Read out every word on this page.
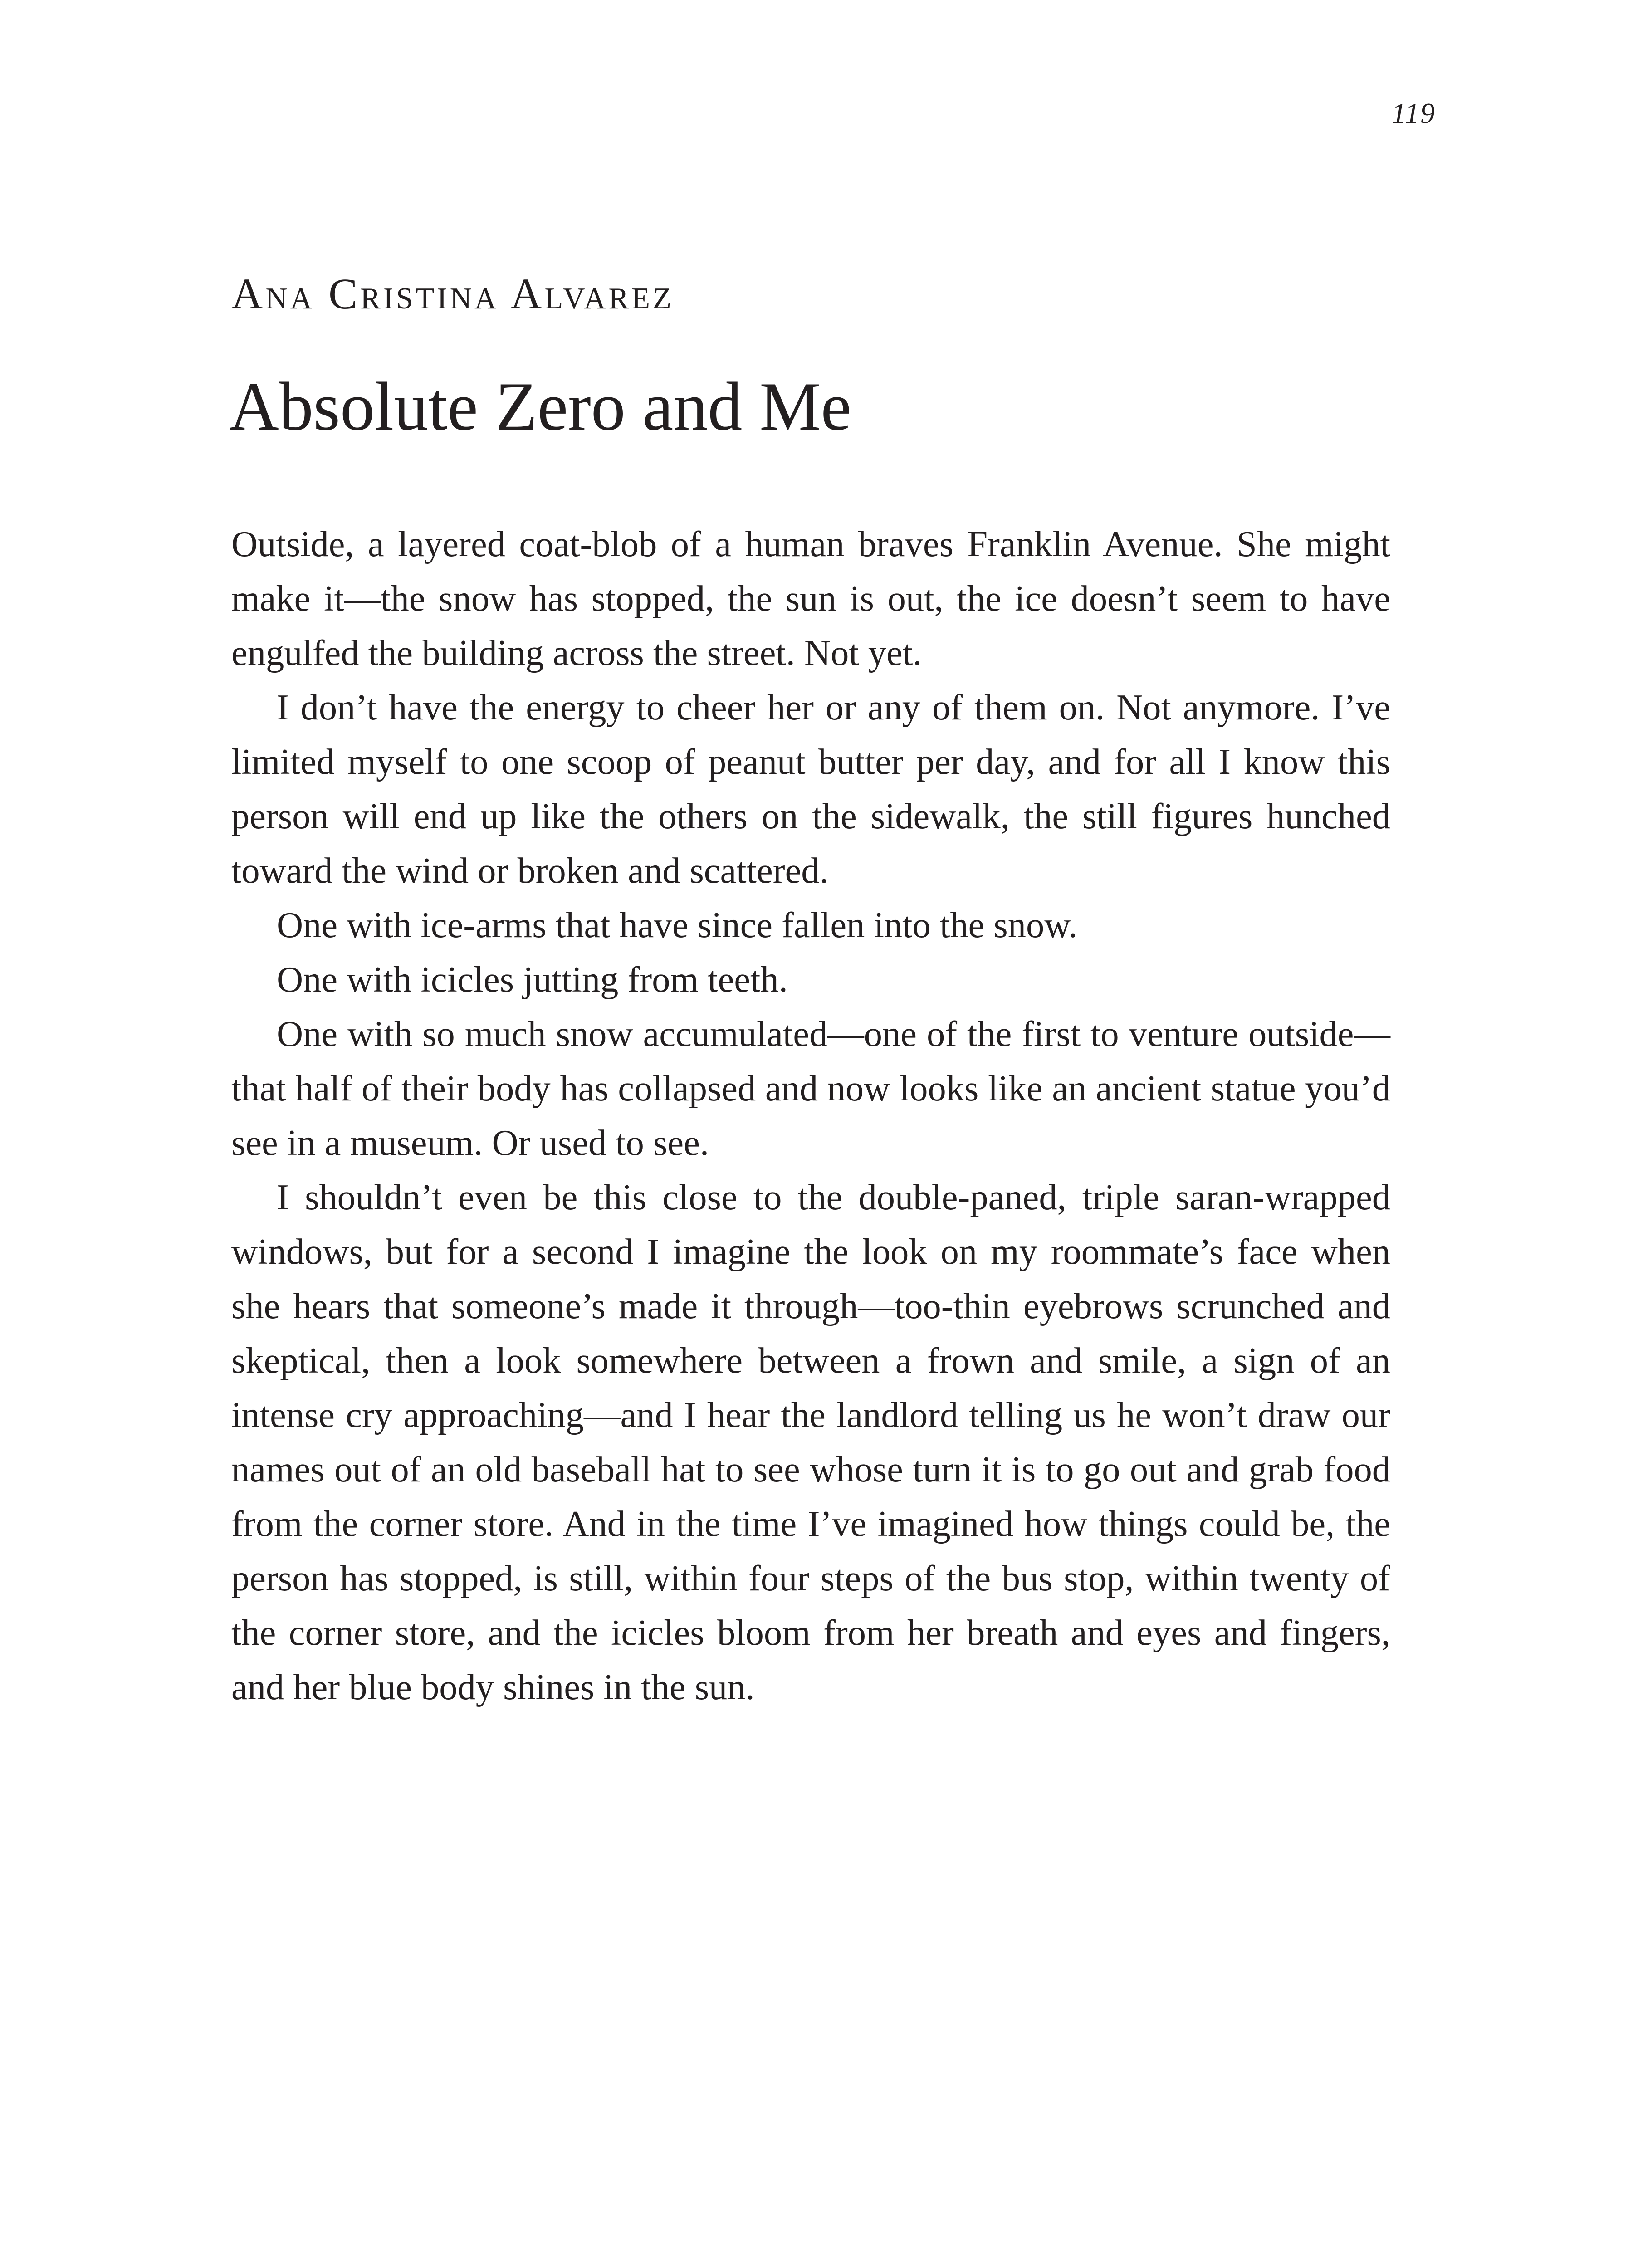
119
Ana Cristina Alvarez
Absolute Zero and Me

Outside, a layered coat-blob of a human braves Franklin Avenue. She might make it—the snow has stopped, the sun is out, the ice doesn’t seem to have engulfed the building across the street. Not yet.

I don’t have the energy to cheer her or any of them on. Not anymore. I’ve limited myself to one scoop of peanut butter per day, and for all I know this person will end up like the others on the sidewalk, the still figures hunched toward the wind or broken and scattered.

One with ice-arms that have since fallen into the snow.

One with icicles jutting from teeth.

One with so much snow accumulated—one of the first to venture outside—that half of their body has collapsed and now looks like an ancient statue you’d see in a museum. Or used to see.

I shouldn’t even be this close to the double-paned, triple saran-wrapped windows, but for a second I imagine the look on my roommate’s face when she hears that someone’s made it through—too-thin eyebrows scrunched and skeptical, then a look somewhere between a frown and smile, a sign of an intense cry approaching—and I hear the landlord telling us he won’t draw our names out of an old baseball hat to see whose turn it is to go out and grab food from the corner store. And in the time I’ve imagined how things could be, the person has stopped, is still, within four steps of the bus stop, within twenty of the corner store, and the icicles bloom from her breath and eyes and fingers, and her blue body shines in the sun.
